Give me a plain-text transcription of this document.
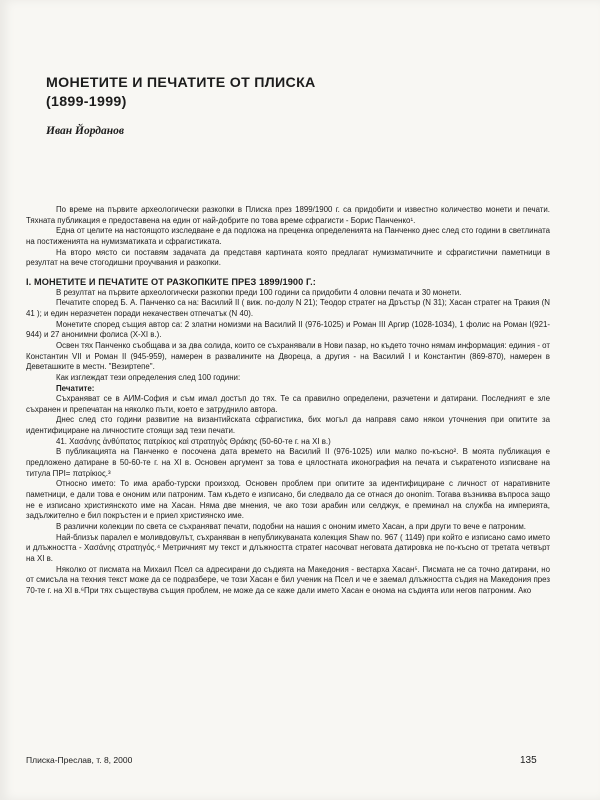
МОНЕТИТЕ И ПЕЧАТИТЕ ОТ ПЛИСКА
(1899-1999)
Иван Йорданов

По време на първите археологически разкопки в Плиска през 1899/1900 г. са придобити и известно количество монети и печати. Тяхната публикация е предоставена на един от най-добрите по това време сфрагисти - Борис Панченко¹.

Една от целите на настоящото изследване е да подложа на преценка определенията на Панченко днес след сто години в светлината на постиженията на нумизматиката и сфрагистиката.

На второ място си поставям задачата да представя картината която предлагат нумизматичните и сфрагистични паметници в резултат на вече стогодишни проучвания и разкопки.

I. МОНЕТИТЕ И ПЕЧАТИТЕ ОТ РАЗКОПКИТЕ ПРЕЗ 1899/1900 Г.:

В резултат на първите археологически разкопки преди 100 години са придобити 4 оловни печата и 30 монети.

Печатите според Б. А. Панченко са на: Василий II ( виж. по-долу N 21); Теодор стратег на Дръстър (N 31); Хасан стратег на Тракия (N 41 ); и един неразчетен поради некачествен отпечатък (N 40).

Монетите според същия автор са: 2 златни номизми на Василий II (976-1025) и Роман III Аргир (1028-1034), 1 фолис на Роман I(921-944) и 27 анонимни фолиса (Х-ХI в.).

Освен тях Панченко съобщава и за два солида, които се съхранявали в Нови пазар, но където точно нямам информация: единия - от Константин VII и Роман II (945-959), намерен в развалините на Двореца, а другия - на Василий I и Константин (869-870), намерен в Деветашките в местн. "Везиртепе".

Как изглеждат тези определения след 100 години:

Печатите:

Съхраняват се в АИМ-София и съм имал достъп до тях. Те са правилно определени, разчетени и датирани. Последният е зле съхранен и препечатан на няколко пъти, което е затруднило автора.

Днес след сто години развитие на византийската сфрагистика, бих могъл да направя само някои уточнения при опитите за идентифициране на личностите стоящи зад тези печати.

41. Χασάνης ἀνθύπατος πατρίκιος καὶ στρατηγὸς Θράκης (50-60-те г. на ХI в.)

В публикацията на Панченко е посочена дата времето на Василий II (976-1025) или малко по-късно². В моята публикация е предложено датиране в 50-60-те г. на ХI в. Основен аргумент за това е цялостната иконография на печата и съкратеното изписване на титула ПРI= πατρίκιος.³

Относно името: То има арабо-турски произход. Основен проблем при опитите за идентифициране с личност от наративните паметници, е дали това е ононим или патроним. Там където е изписано, би следвало да се отнася до оноnim. Тогава възниква въпроса защо не е изписано християнското име на Хасан. Няма две мнения, че ако този арабин или селджук, е преминал на служба на империята, задължително е бил покръстен и е приел християнско име.

В различни колекции по света се съхраняват печати, подобни на нашия с ононим името Хасан, а при други то вече е патроним.

Най-близък паралел е моливдовулът, съхраняван в непубликуваната колекция Shaw no. 967 ( 1149) при който е изписано само името и длъжността - Χασάνης στρατηγός.⁴ Метричният му текст и длъжността стратег насочват неговата датировка не по-късно от третата четвърт на ХI в.

Няколко от писмата на Михаил Псел са адресирани до съдията на Македония - вестарха Хасан⁵. Писмата не са точно датирани, но от смисъла на техния текст може да се подразбере, че този Хасан е бил ученик на Псел и че е заемал длъжността съдия на Македония през 70-те г. на ХI в.⁶При тях съществува същия проблем, не може да се каже дали името Хасан е онома на съдията или негов патроним. Ако

Плиска-Преслав, т. 8, 2000	135
